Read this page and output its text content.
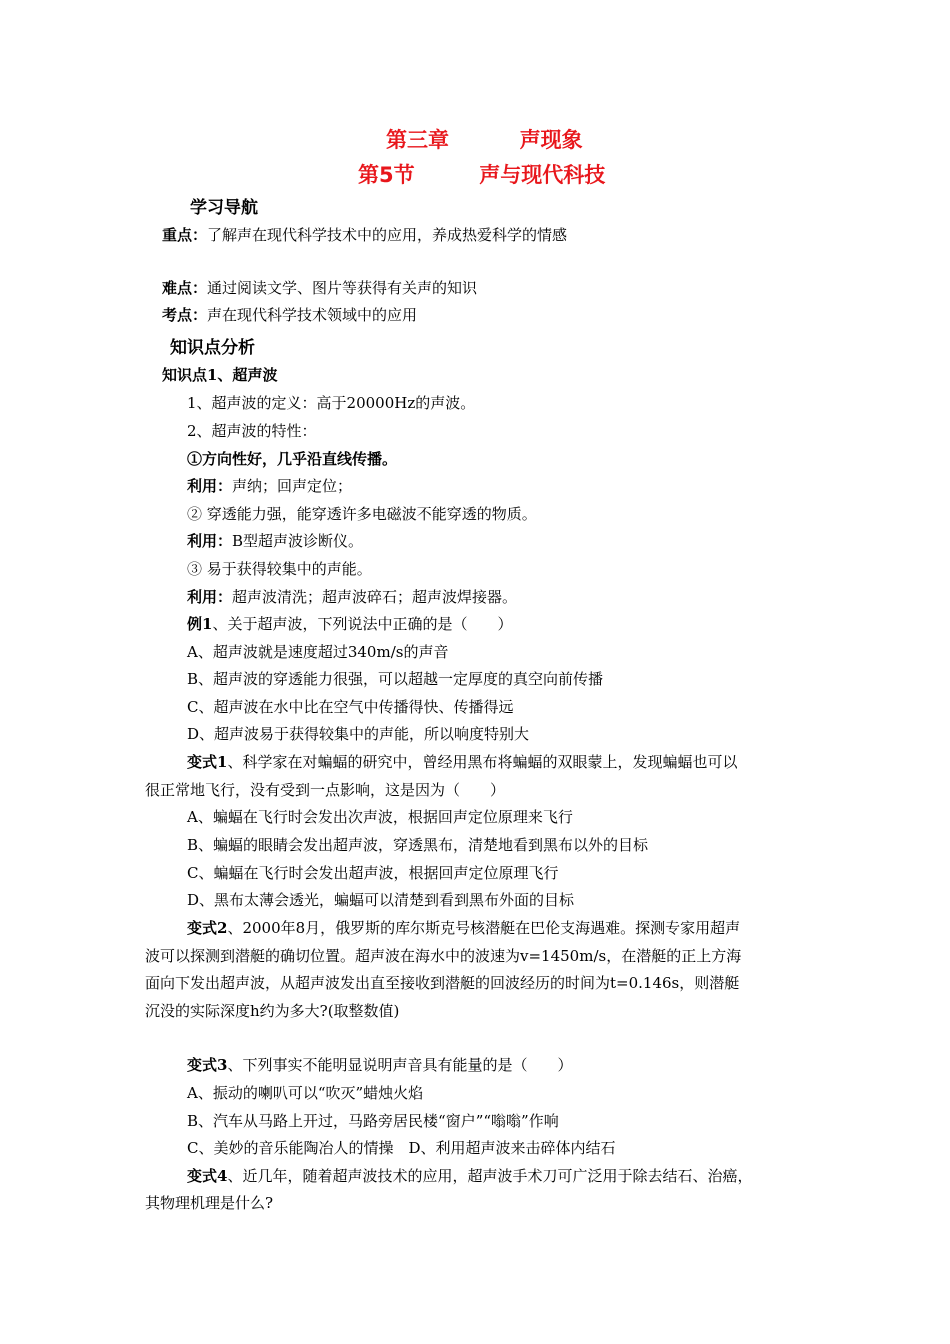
第三章	声现象
第5节	声与现代科技
学习导航
重点：了解声在现代科学技术中的应用，养成热爱科学的情感
难点：通过阅读文学、图片等获得有关声的知识
考点：声在现代科学技术领域中的应用
知识点分析
知识点1、超声波
1、超声波的定义：高于20000Hz的声波。
2、超声波的特性：
①方向性好，几乎沿直线传播。
利用：声纳；回声定位；
② 穿透能力强，能穿透许多电磁波不能穿透的物质。
利用：B型超声波诊断仪。
③ 易于获得较集中的声能。
利用：超声波清洗；超声波碎石；超声波焊接器。
例1、关于超声波，下列说法中正确的是（　　）
A、超声波就是速度超过340m/s的声音
B、超声波的穿透能力很强，可以超越一定厚度的真空向前传播
C、超声波在水中比在空气中传播得快、传播得远
D、超声波易于获得较集中的声能，所以响度特别大
变式1、科学家在对蝙蝠的研究中，曾经用黑布将蝙蝠的双眼蒙上，发现蝙蝠也可以
很正常地飞行，没有受到一点影响，这是因为（　　）
A、蝙蝠在飞行时会发出次声波，根据回声定位原理来飞行
B、蝙蝠的眼睛会发出超声波，穿透黑布，清楚地看到黑布以外的目标
C、蝙蝠在飞行时会发出超声波，根据回声定位原理飞行
D、黑布太薄会透光，蝙蝠可以清楚到看到黑布外面的目标
变式2、2000年8月，俄罗斯的库尔斯克号核潜艇在巴伦支海遇难。探测专家用超声
波可以探测到潜艇的确切位置。超声波在海水中的波速为v=1450m/s，在潜艇的正上方海
面向下发出超声波，从超声波发出直至接收到潜艇的回波经历的时间为t=0.146s，则潜艇
沉没的实际深度h约为多大?(取整数值)
变式3、下列事实不能明显说明声音具有能量的是（　　）
A、振动的喇叭可以“吹灭”蜡烛火焰
B、汽车从马路上开过，马路旁居民楼“窗户”“嗡嗡”作响
C、美妙的音乐能陶冶人的情操　D、利用超声波来击碎体内结石
变式4、近几年，随着超声波技术的应用，超声波手术刀可广泛用于除去结石、治癌，
其物理机理是什么?
